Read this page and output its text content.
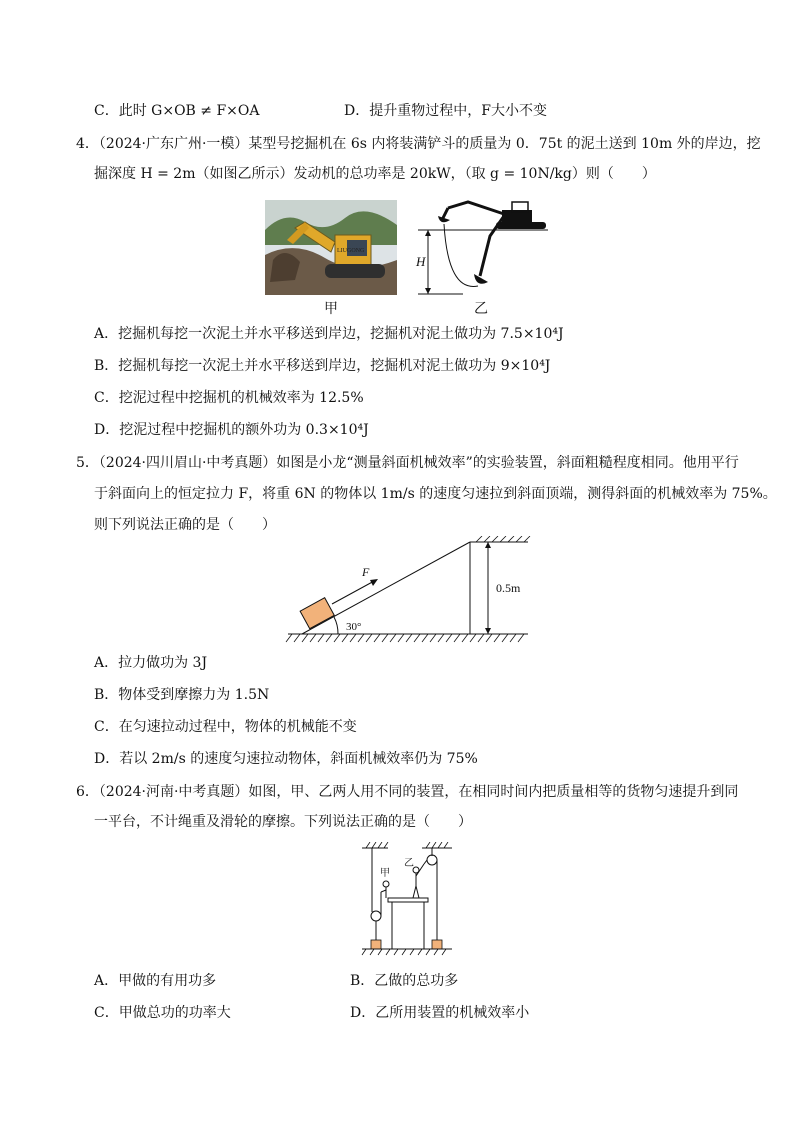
C．此时 G×OB ≠ F×OA	D．提升重物过程中，F大小不变
4．（2024·广东广州·一模）某型号挖掘机在 6s 内将装满铲斗的质量为 0．75t 的泥土送到 10m 外的岸边，挖
掘深度 H = 2m（如图乙所示）发动机的总功率是 20kW，（取 g = 10N/kg）则（　　）
LIUGONG
甲
H
乙
A．挖掘机每挖一次泥土并水平移送到岸边，挖掘机对泥土做功为 7.5×10⁴J
B．挖掘机每挖一次泥土并水平移送到岸边，挖掘机对泥土做功为 9×10⁴J
C．挖泥过程中挖掘机的机械效率为 12.5%
D．挖泥过程中挖掘机的额外功为 0.3×10⁴J
5．（2024·四川眉山·中考真题）如图是小龙“测量斜面机械效率”的实验装置，斜面粗糙程度相同。他用平行
于斜面向上的恒定拉力 F，将重 6N 的物体以 1m/s 的速度匀速拉到斜面顶端，测得斜面的机械效率为 75%。
则下列说法正确的是（　　）
F
30°
0.5m
A．拉力做功为 3J
B．物体受到摩擦力为 1.5N
C．在匀速拉动过程中，物体的机械能不变
D．若以 2m/s 的速度匀速拉动物体，斜面机械效率仍为 75%
6．（2024·河南·中考真题）如图，甲、乙两人用不同的装置，在相同时间内把质量相等的货物匀速提升到同
一平台，不计绳重及滑轮的摩擦。下列说法正确的是（　　）
甲
乙
A．甲做的有用功多	B．乙做的总功多
C．甲做总功的功率大	D．乙所用装置的机械效率小
